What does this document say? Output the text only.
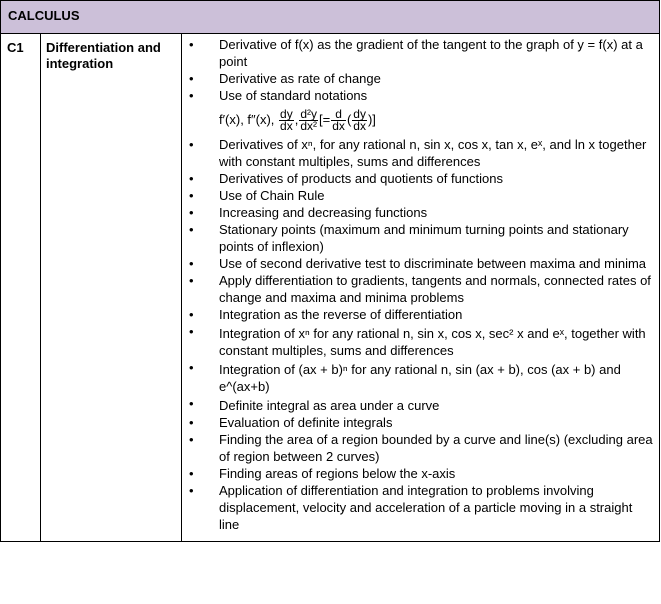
CALCULUS

C1	Differentiation and integration	
• Derivative of f(x) as the gradient of the tangent to the graph of y = f(x) at a point
• Derivative as rate of change
• Use of standard notations
f′(x), f″(x), $\frac{dy}{dx}$ , $\frac{\text{d²y}}{\text{dx²}}$ [= $\frac{d}{dx}$ ( $\frac{dy}{dx}$ )]
• Derivatives of xⁿ, for any rational n, sin x, cos x, tan x, eˣ, and ln x together with constant multiples, sums and differences
• Derivatives of products and quotients of functions
• Use of Chain Rule
• Increasing and decreasing functions
• Stationary points (maximum and minimum turning points and stationary points of inflexion)
• Use of second derivative test to discriminate between maxima and minima
• Apply differentiation to gradients, tangents and normals, connected rates of change and maxima and minima problems
• Integration as the reverse of differentiation
• Integration of xⁿ for any rational n, sin x, cos x, sec² x and eˣ, together with constant multiples, sums and differences
• Integration of (ax + b)ⁿ for any rational n, sin (ax + b), cos (ax + b) and e^(ax+b)
• Definite integral as area under a curve
• Evaluation of definite integrals
• Finding the area of a region bounded by a curve and line(s) (excluding area of region between 2 curves)
• Finding areas of regions below the x-axis
• Application of differentiation and integration to problems involving displacement, velocity and acceleration of a particle moving in a straight line
